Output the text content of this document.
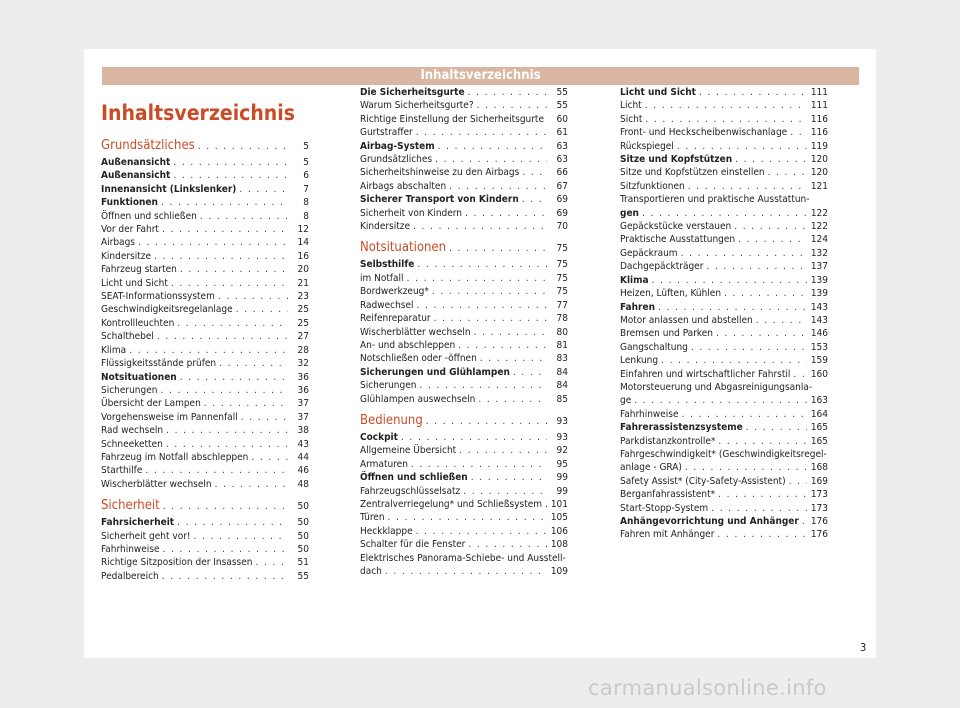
Inhaltsverzeichnis
Inhaltsverzeichnis
Grundsätzliches . . .	5
Außenansicht . . .	5
Außenansicht . . .	6
Innenansicht (Linkslenker) . . .	7
Funktionen . . .	8
Öffnen und schließen . . .	8
Vor der Fahrt . . .	12
Airbags . . .	14
Kindersitze . . .	16
Fahrzeug starten . . .	20
Licht und Sicht . . .	21
SEAT-Informationssystem . . .	23
Geschwindigkeitsregelanlage . . .	25
Kontrollleuchten . . .	25
Schalthebel . . .	27
Klima . . .	28
Flüssigkeitsstände prüfen . . .	32
Notsituationen . . .	36
Sicherungen . . .	36
Übersicht der Lampen . . .	37
Vorgehensweise im Pannenfall . . .	37
Rad wechseln . . .	38
Schneeketten . . .	43
Fahrzeug im Notfall abschleppen . . .	44
Starthilfe . . .	46
Wischerblätter wechseln . . .	48
Sicherheit . . .	50
Fahrsicherheit . . .	50
Sicherheit geht vor! . . .	50
Fahrhinweise . . .	50
Richtige Sitzposition der Insassen . . .	51
Pedalbereich . . .	55
Die Sicherheitsgurte . . .	55
Warum Sicherheitsgurte? . . .	55
Richtige Einstellung der Sicherheitsgurte	60
Gurtstraffer . . .	61
Airbag-System . . .	63
Grundsätzliches . . .	63
Sicherheitshinweise zu den Airbags . . .	66
Airbags abschalten . . .	67
Sicherer Transport von Kindern . . .	69
Sicherheit von Kindern . . .	69
Kindersitze . . .	70
Notsituationen . . .	75
Selbsthilfe . . .	75
im Notfall . . .	75
Bordwerkzeug* . . .	75
Radwechsel . . .	77
Reifenreparatur . . .	78
Wischerblätter wechseln . . .	80
An- und abschleppen . . .	81
Notschließen oder -öffnen . . .	83
Sicherungen und Glühlampen . . .	84
Sicherungen . . .	84
Glühlampen auswechseln . . .	85
Bedienung . . .	93
Cockpit . . .	93
Allgemeine Übersicht . . .	92
Armaturen . . .	95
Öffnen und schließen . . .	99
Fahrzeugschlüsselsatz . . .	99
Zentralverriegelung* und Schließsystem . . . 101
Türen . . .	105
Heckklappe . . .	106
Schalter für die Fenster . . .	108
Elektrisches Panorama-Schiebe- und Ausstell-
dach . . .	109
Licht und Sicht . . .	111
Licht . . .	111
Sicht . . .	116
Front- und Heckscheibenwischanlage . . . 116
Rückspiegel . . .	119
Sitze und Kopfstützen . . .	120
Sitze und Kopfstützen einstellen . . .	120
Sitzfunktionen . . .	121
Transportieren und praktische Ausstattun-
gen . . .	122
Gepäckstücke verstauen . . .	122
Praktische Ausstattungen . . .	124
Gepäckraum . . .	132
Dachgepäckträger . . .	137
Klima . . .	139
Heizen, Lüften, Kühlen . . .	139
Fahren . . .	143
Motor anlassen und abstellen . . .	143
Bremsen und Parken . . .	146
Gangschaltung . . .	153
Lenkung . . .	159
Einfahren und wirtschaftlicher Fahrstil . . . 160
Motorsteuerung und Abgasreinigungsanla-
ge . . .	163
Fahrhinweise . . .	164
Fahrerassistenzsysteme . . .	165
Parkdistanzkontrolle* . . .	165
Fahrgeschwindigkeit* (Geschwindigkeitsregel-
anlage - GRA) . . .	168
Safety Assist* (City-Safety-Assistent) . . .	169
Berganfahrassistent* . . .	173
Start-Stopp-System . . .	173
Anhängevorrichtung und Anhänger . . . 176
Fahren mit Anhänger . . .	176
3
carmanualsonline.info
